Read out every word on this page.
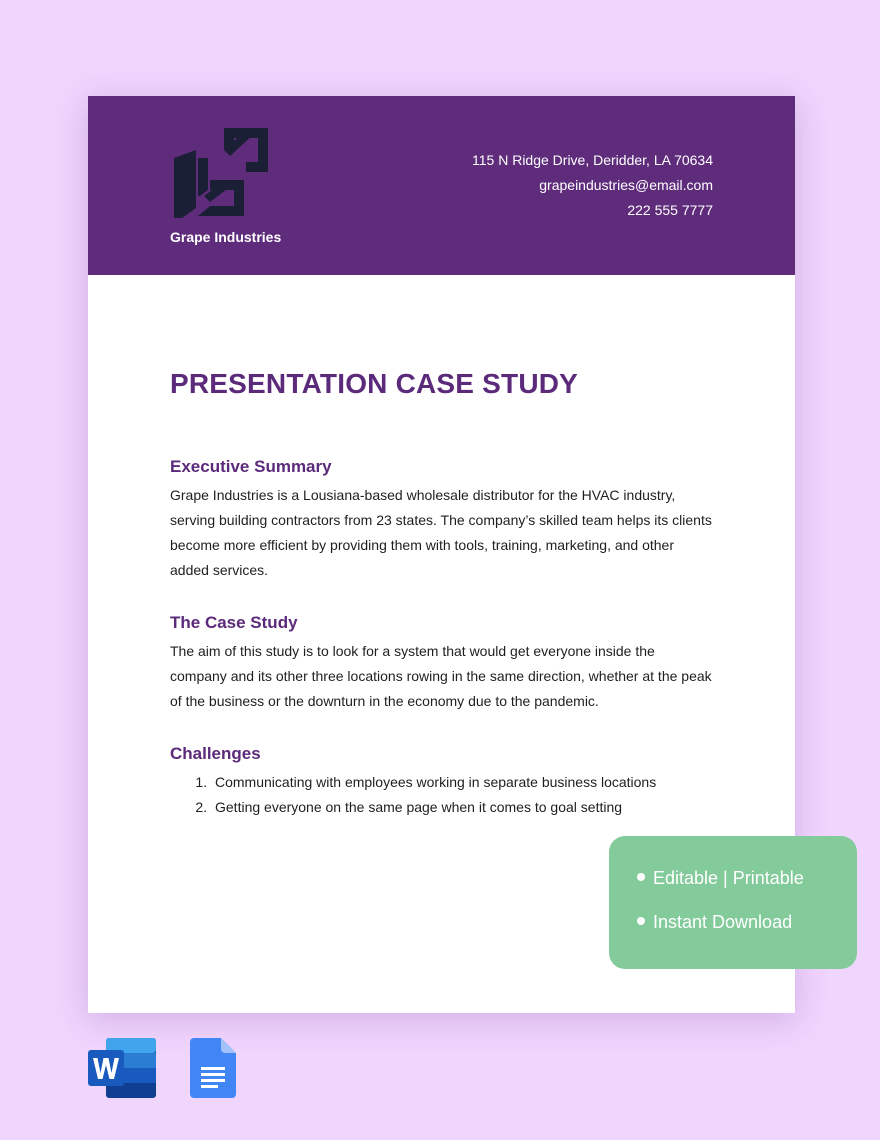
Grape Industries
115 N Ridge Drive, Deridder, LA 70634
grapeindustries@email.com
222 555 7777
PRESENTATION CASE STUDY
Executive Summary

Grape Industries is a Lousiana-based wholesale distributor for the HVAC industry, serving building contractors from 23 states. The company’s skilled team helps its clients become more efficient by providing them with tools, training, marketing, and other added services.

The Case Study

The aim of this study is to look for a system that would get everyone inside the company and its other three locations rowing in the same direction, whether at the peak of the business or the downturn in the economy due to the pandemic.

Challenges
1. Communicating with employees working in separate business locations
2. Getting everyone on the same page when it comes to goal setting
Editable | Printable
Instant Download
